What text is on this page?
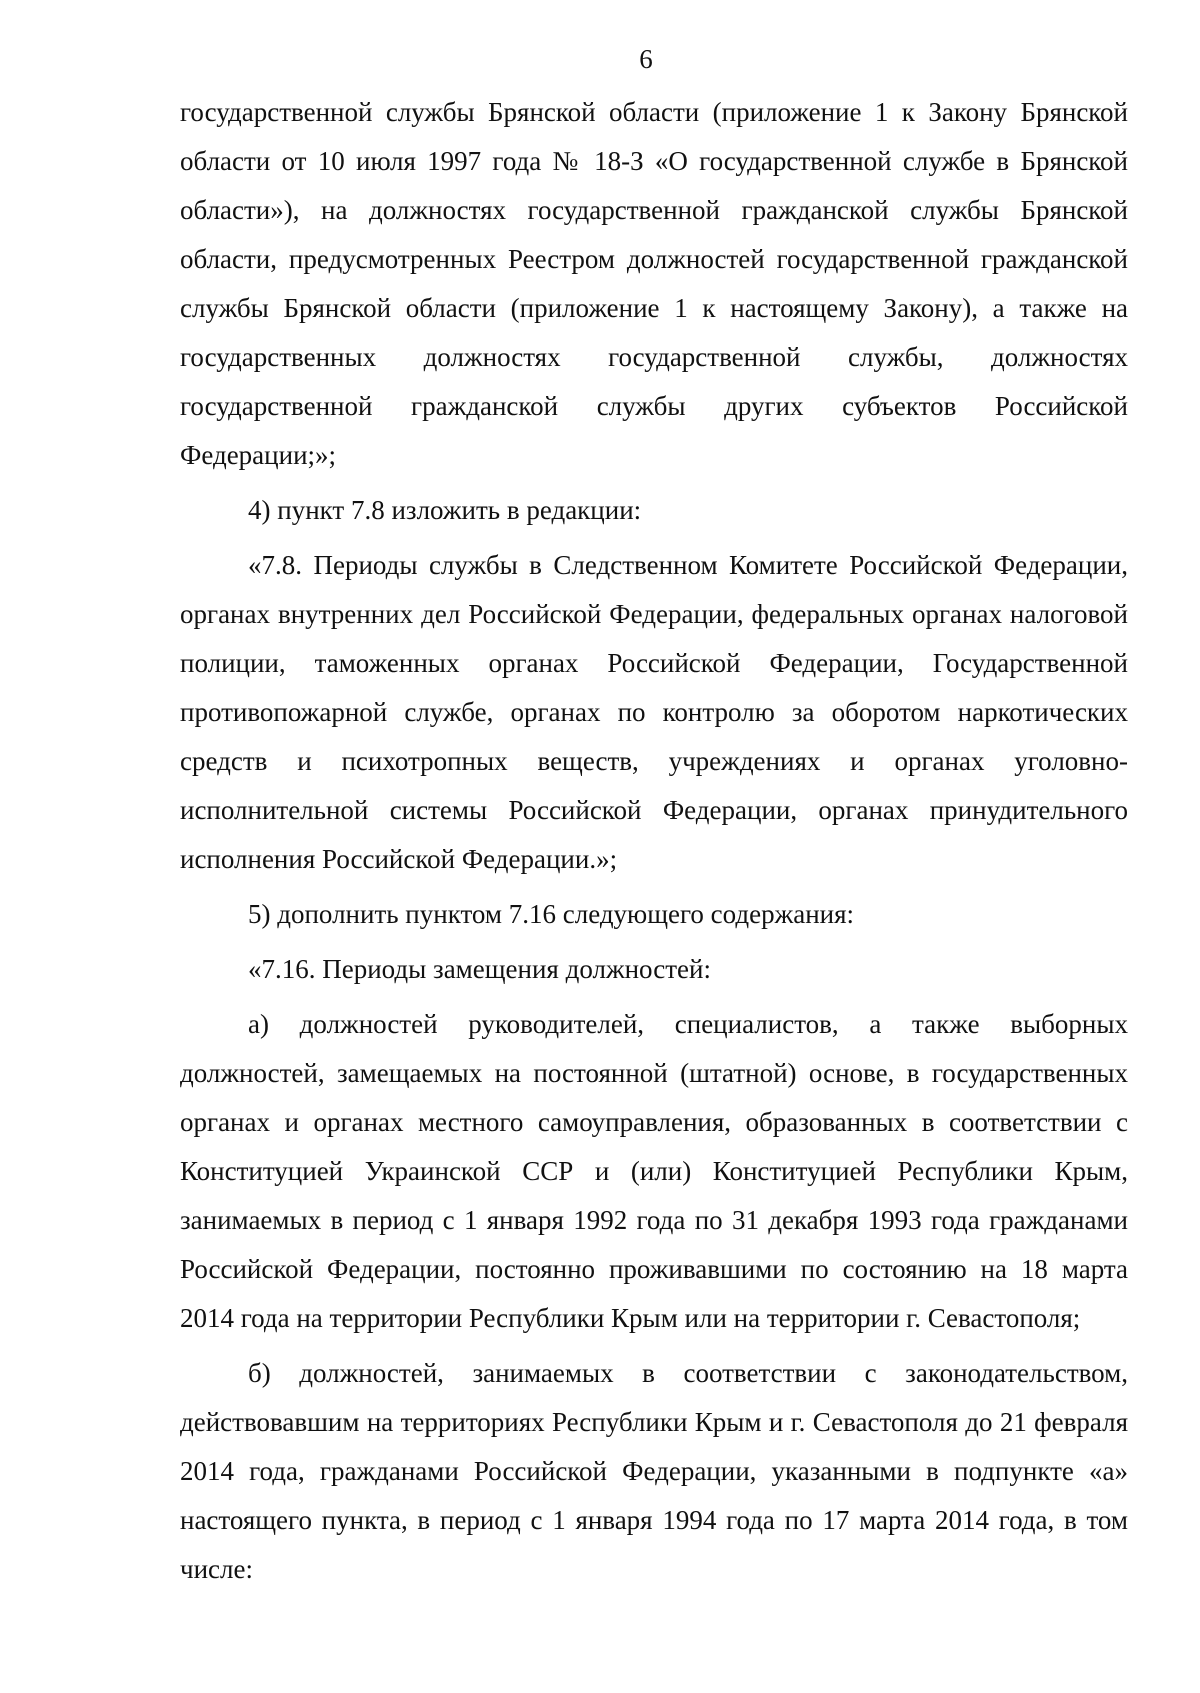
6

государственной службы Брянской области (приложение 1 к Закону Брянской области от 10 июля 1997 года № 18-З «О государственной службе в Брянской области»), на должностях государственной гражданской службы Брянской области, предусмотренных Реестром должностей государственной гражданской службы Брянской области (приложение 1 к настоящему Закону), а также на государственных должностях государственной службы, должностях государственной гражданской службы других субъектов Российской Федерации;»;

4) пункт 7.8 изложить в редакции:

«7.8. Периоды службы в Следственном Комитете Российской Федерации, органах внутренних дел Российской Федерации, федеральных органах налоговой полиции, таможенных органах Российской Федерации, Государственной противопожарной службе, органах по контролю за оборотом наркотических средств и психотропных веществ, учреждениях и органах уголовно-исполнительной системы Российской Федерации, органах принудительного исполнения Российской Федерации.»;

5) дополнить пунктом 7.16 следующего содержания:

«7.16. Периоды замещения должностей:

а) должностей руководителей, специалистов, а также выборных должностей, замещаемых на постоянной (штатной) основе, в государственных органах и органах местного самоуправления, образованных в соответствии с Конституцией Украинской ССР и (или) Конституцией Республики Крым, занимаемых в период с 1 января 1992 года по 31 декабря 1993 года гражданами Российской Федерации, постоянно проживавшими по состоянию на 18 марта 2014 года на территории Республики Крым или на территории г. Севастополя;

б) должностей, занимаемых в соответствии с законодательством, действовавшим на территориях Республики Крым и г. Севастополя до 21 февраля 2014 года, гражданами Российской Федерации, указанными в подпункте «а» настоящего пункта, в период с 1 января 1994 года по 17 марта 2014 года, в том числе:
